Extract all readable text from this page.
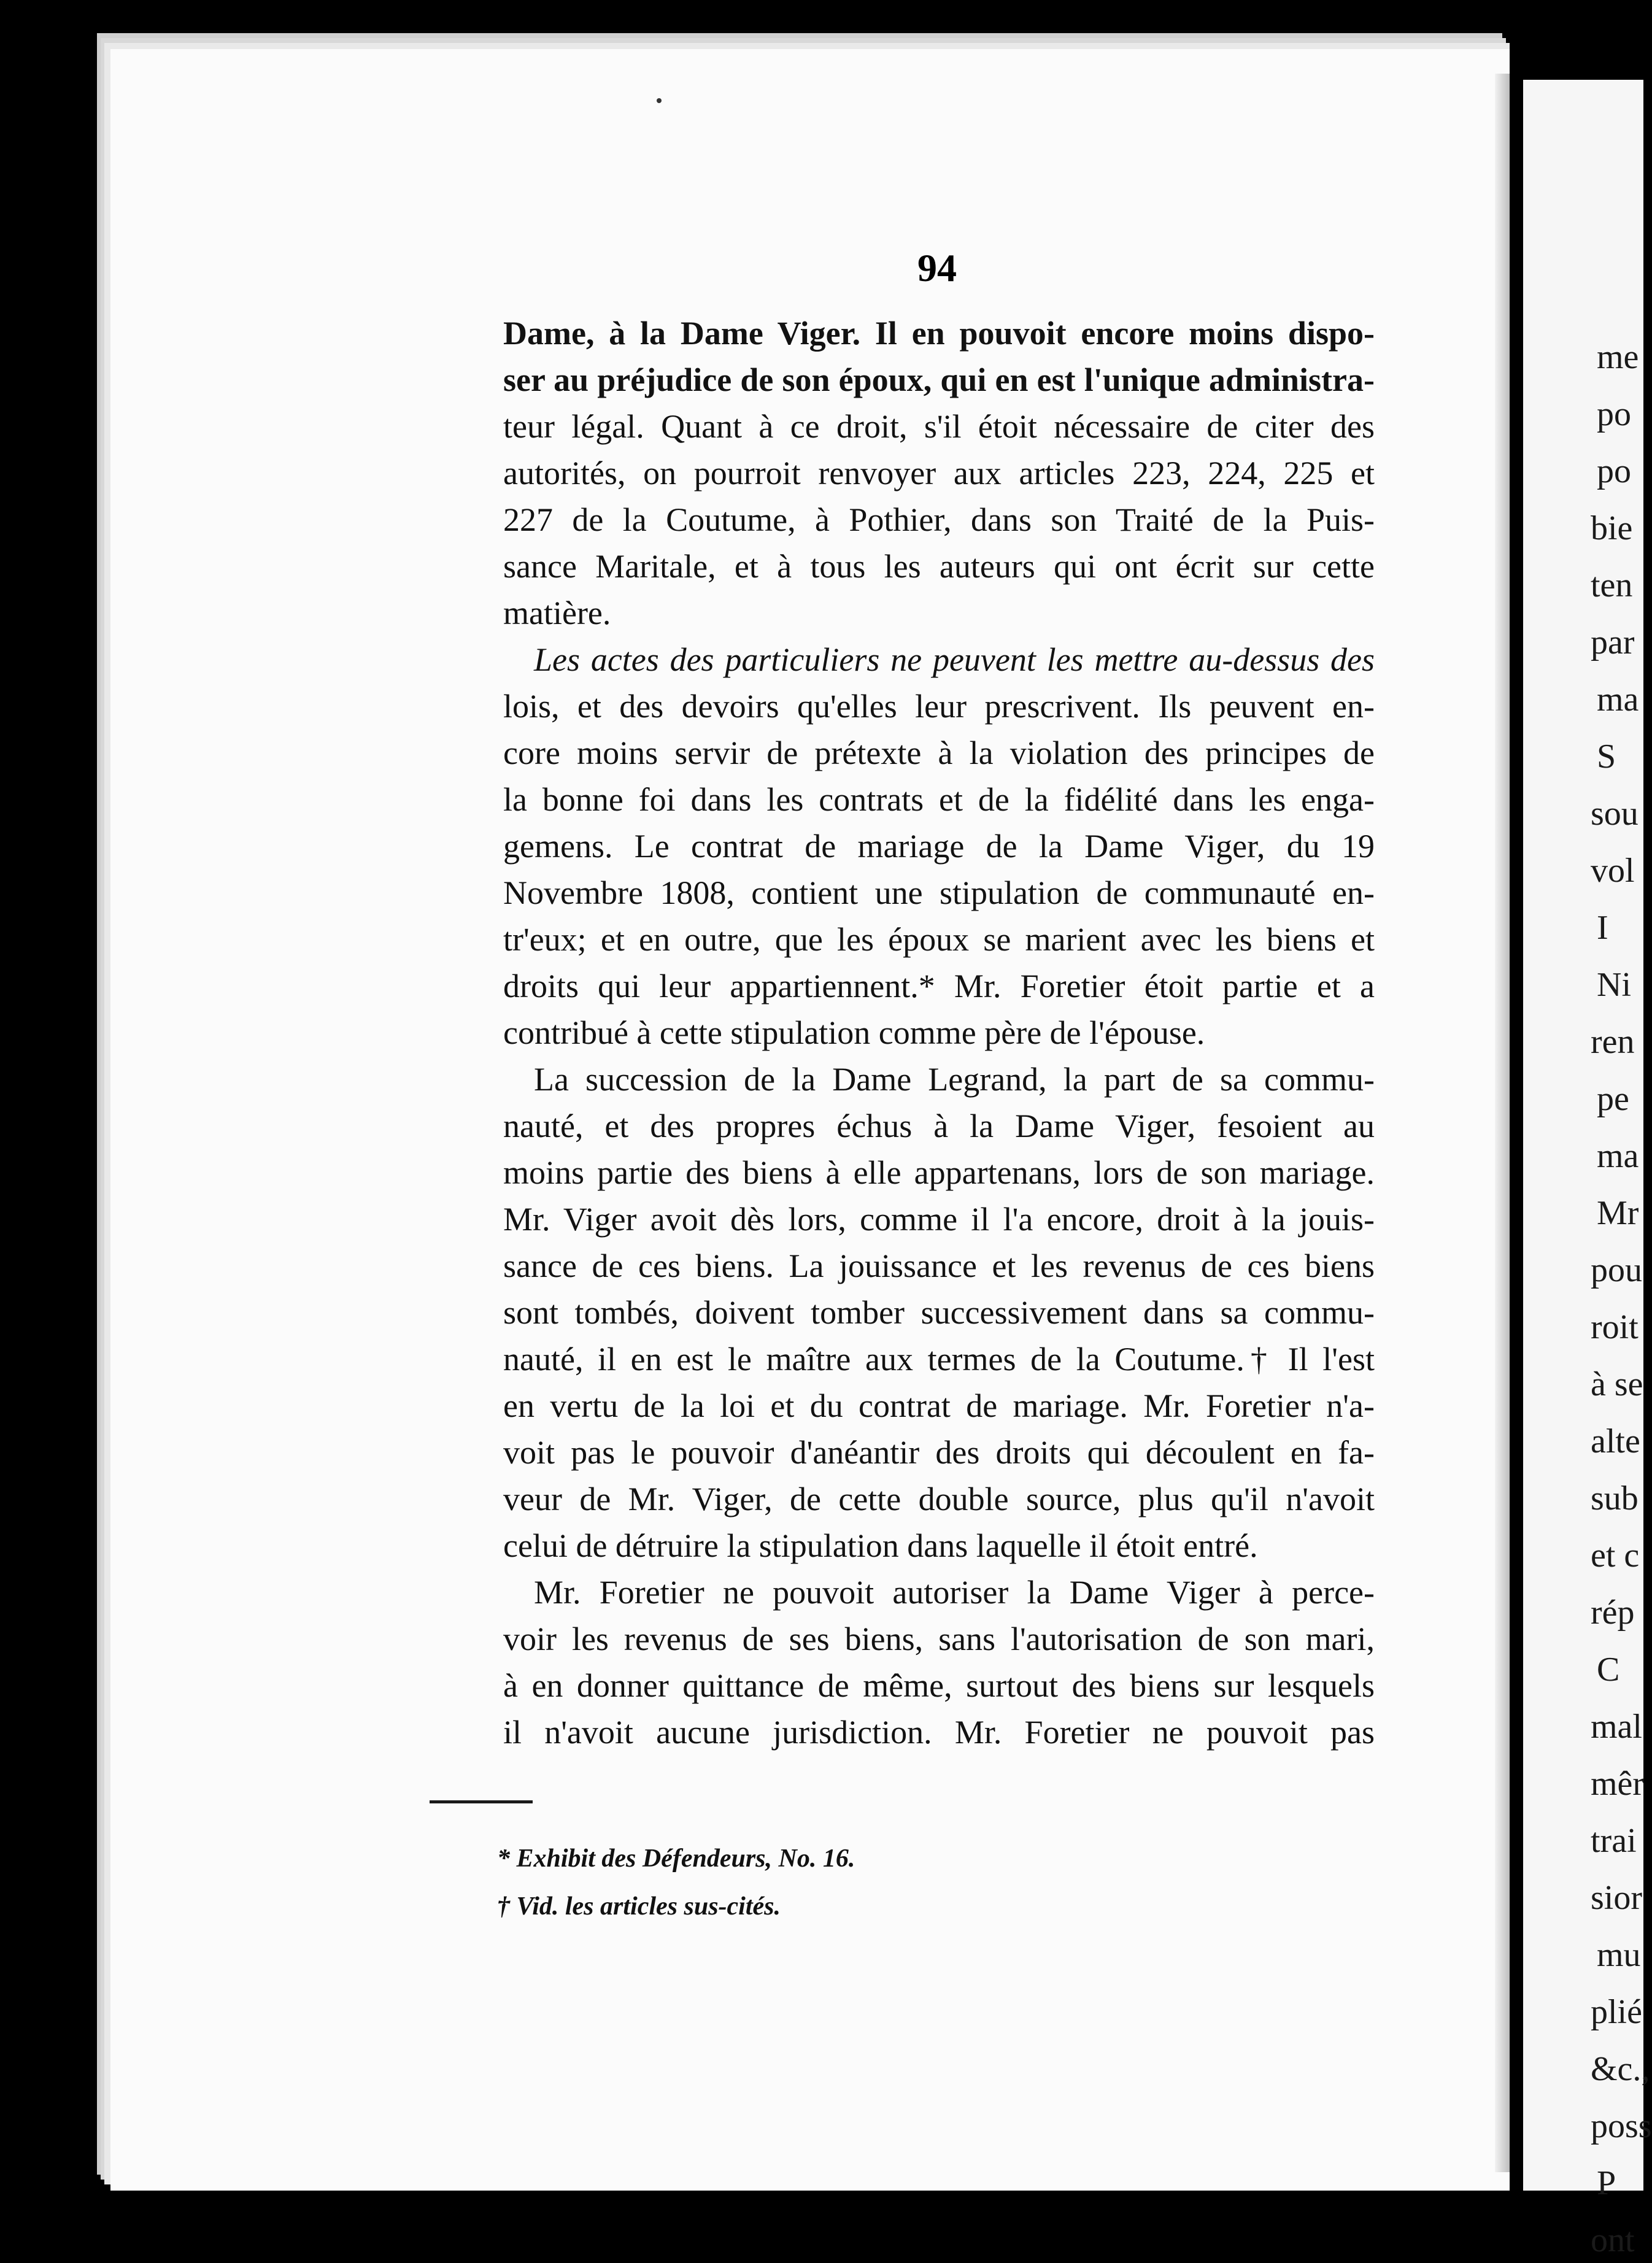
me
po
po
bie
ten
par
ma
S
sou
vol
I
Ni
ren
pe
ma
Mr
pou
roit
à se
alte
sub
et c
rép
C
mal
mêr
trai
sior
mu
plié
&c.,
poss
P
ont
94
Dame, à la Dame Viger. Il en pouvoit encore moins dispo-
ser au préjudice de son époux, qui en est l'unique administra-
teur légal. Quant à ce droit, s'il étoit nécessaire de citer des
autorités, on pourroit renvoyer aux articles 223, 224, 225 et
227 de la Coutume, à Pothier, dans son Traité de la Puis-
sance Maritale, et à tous les auteurs qui ont écrit sur cette
matière.
Les actes des particuliers ne peuvent les mettre au-dessus des
lois, et des devoirs qu'elles leur prescrivent. Ils peuvent en-
core moins servir de prétexte à la violation des principes de
la bonne foi dans les contrats et de la fidélité dans les enga-
gemens. Le contrat de mariage de la Dame Viger, du 19
Novembre 1808, contient une stipulation de communauté en-
tr'eux; et en outre, que les époux se marient avec les biens et
droits qui leur appartiennent.* Mr. Foretier étoit partie et a
contribué à cette stipulation comme père de l'épouse.
La succession de la Dame Legrand, la part de sa commu-
nauté, et des propres échus à la Dame Viger, fesoient au
moins partie des biens à elle appartenans, lors de son mariage.
Mr. Viger avoit dès lors, comme il l'a encore, droit à la jouis-
sance de ces biens. La jouissance et les revenus de ces biens
sont tombés, doivent tomber successivement dans sa commu-
nauté, il en est le maître aux termes de la Coutume.† Il l'est
en vertu de la loi et du contrat de mariage. Mr. Foretier n'a-
voit pas le pouvoir d'anéantir des droits qui découlent en fa-
veur de Mr. Viger, de cette double source, plus qu'il n'avoit
celui de détruire la stipulation dans laquelle il étoit entré.
Mr. Foretier ne pouvoit autoriser la Dame Viger à perce-
voir les revenus de ses biens, sans l'autorisation de son mari,
à en donner quittance de même, surtout des biens sur lesquels
il n'avoit aucune jurisdiction. Mr. Foretier ne pouvoit pas
* Exhibit des Défendeurs, No. 16.
† Vid. les articles sus-cités.
